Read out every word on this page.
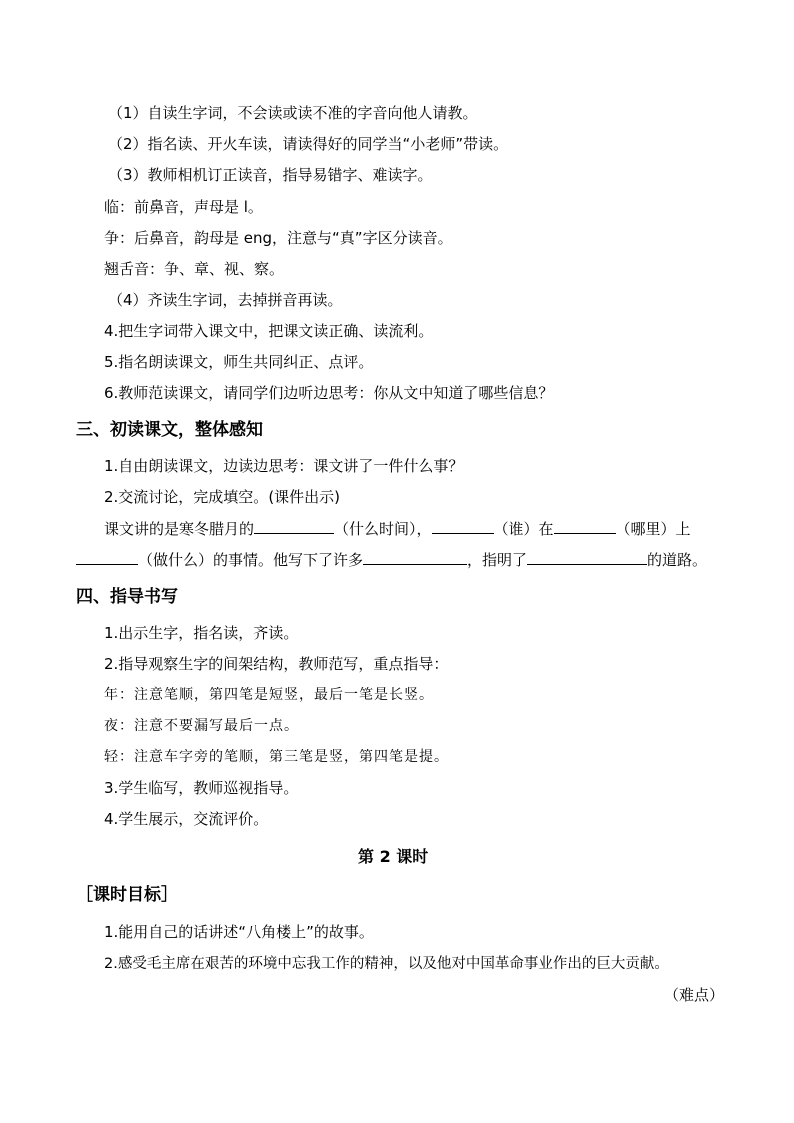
（1）自读生字词，不会读或读不准的字音向他人请教。
（2）指名读、开火车读，请读得好的同学当“小老师”带读。
（3）教师相机订正读音，指导易错字、难读字。
临：前鼻音，声母是 l。
争：后鼻音，韵母是 eng，注意与“真”字区分读音。
翘舌音：争、章、视、察。
（4）齐读生字词，去掉拼音再读。
4.把生字词带入课文中，把课文读正确、读流利。
5.指名朗读课文，师生共同纠正、点评。
6.教师范读课文，请同学们边听边思考：你从文中知道了哪些信息？
三、初读课文，整体感知
1.自由朗读课文，边读边思考：课文讲了一件什么事？
2.交流讨论，完成填空。(课件出示)
课文讲的是寒冬腊月的	（什么时间），	（谁）在	（哪里）上
（做什么）的事情。他写下了许多	，指明了	的道路。
四、指导书写
1.出示生字，指名读，齐读。
2.指导观察生字的间架结构，教师范写，重点指导：
年：注意笔顺，第四笔是短竖，最后一笔是长竖。
夜：注意不要漏写最后一点。
轻：注意车字旁的笔顺，第三笔是竖，第四笔是提。
3.学生临写，教师巡视指导。
4.学生展示，交流评价。
第 2 课时
［课时目标］
1.能用自己的话讲述“八角楼上”的故事。
2.感受毛主席在艰苦的环境中忘我工作的精神，以及他对中国革命事业作出的巨大贡献。
（难点）
